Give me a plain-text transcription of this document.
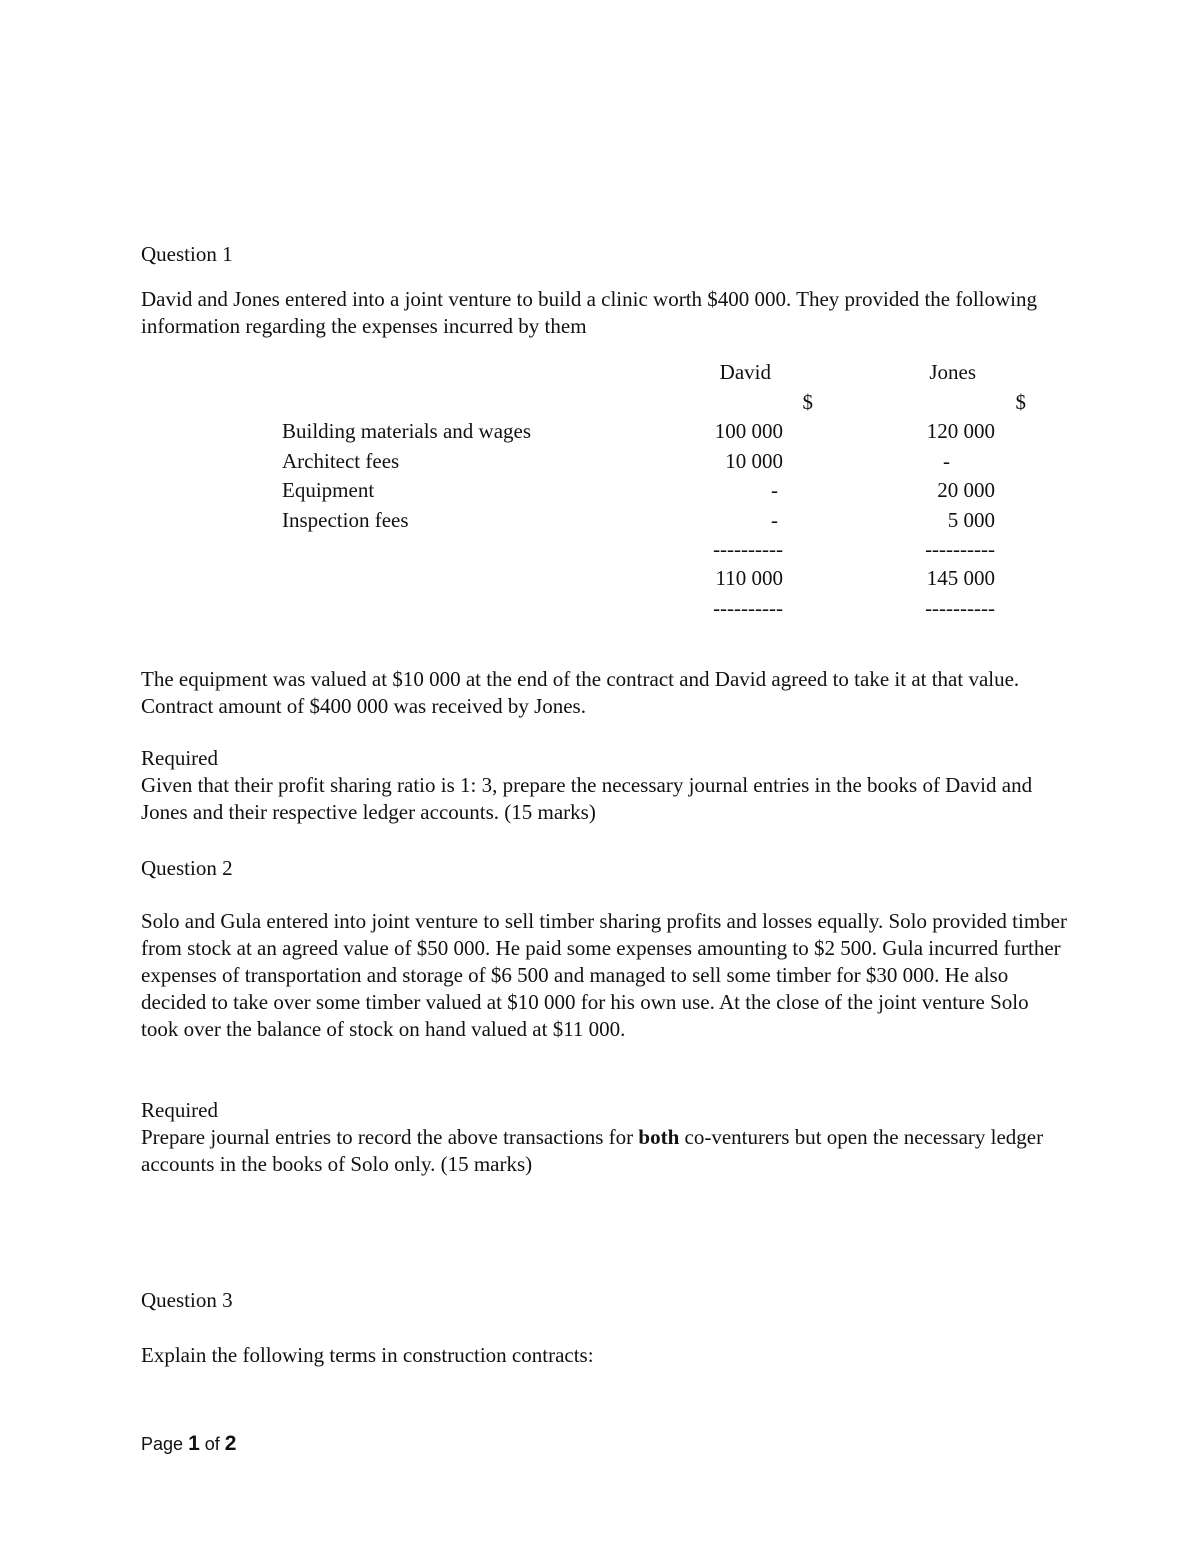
Question 1
David and Jones entered into a joint venture to build a clinic worth $400 000. They provided the following information regarding the expenses incurred by them
David	Jones
$	$
Building materials and wages	100 000	120 000
Architect fees	10 000	-
Equipment	-	20 000
Inspection fees	-	5 000
----------	----------
110 000	145 000
----------	----------
The equipment was valued at $10 000 at the end of the contract and David agreed to take it at that value. Contract amount of $400 000 was received by Jones.
Required
Given that their profit sharing ratio is 1: 3, prepare the necessary journal entries in the books of David and Jones and their respective ledger accounts. (15 marks)
Question 2
Solo and Gula entered into joint venture to sell timber sharing profits and losses equally. Solo provided timber from stock at an agreed value of $50 000. He paid some expenses amounting to $2 500. Gula incurred further expenses of transportation and storage of $6 500 and managed to sell some timber for $30 000. He also decided to take over some timber valued at $10 000 for his own use. At the close of the joint venture Solo took over the balance of stock on hand valued at $11 000.
Required
Prepare journal entries to record the above transactions for both co-venturers but open the necessary ledger accounts in the books of Solo only. (15 marks)
Question 3
Explain the following terms in construction contracts:
Page 1 of 2
